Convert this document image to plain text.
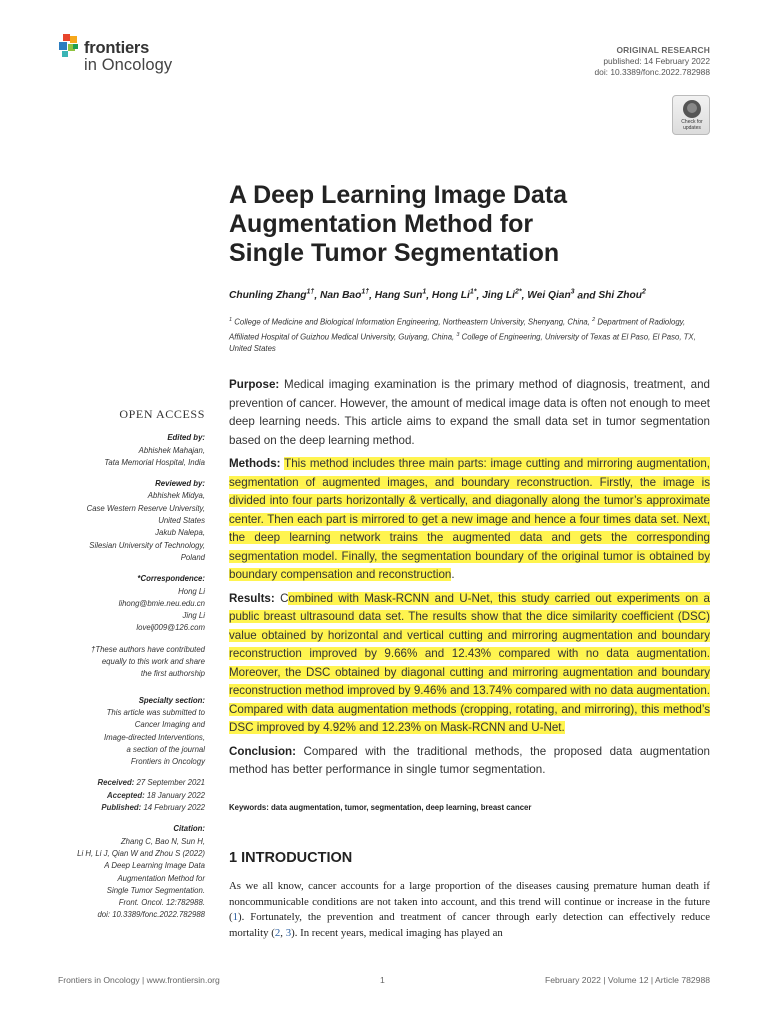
frontiers
in Oncology
ORIGINAL RESEARCH
published: 14 February 2022
doi: 10.3389/fonc.2022.782988
Check for
updates
A Deep Learning Image Data
Augmentation Method for
Single Tumor Segmentation
Chunling Zhang$^{1\dagger}$, Nan Bao$^{1\dagger}$, Hang Sun$^1$, Hong $Li^{1*}$, Jing $Li^{2*}$, Wei Qian$^3$ and Shi Zhou$^2$
$^1$ College of Medicine and Biological Information Engineering, Northeastern University, Shenyang, China, $^2$ Department of Radiology, Affiliated Hospital of Guizhou Medical University, Guiyang, China, $^3$ College of Engineering, University of Texas at El Paso, El Paso, TX, United States

Purpose: Medical imaging examination is the primary method of diagnosis, treatment, and prevention of cancer. However, the amount of medical image data is often not enough to meet deep learning needs. This article aims to expand the small data set in tumor segmentation based on the deep learning method.

Methods: This method includes three main parts: image cutting and mirroring augmentation, segmentation of augmented images, and boundary reconstruction. Firstly, the image is divided into four parts horizontally & vertically, and diagonally along the tumor’s approximate center. Then each part is mirrored to get a new image and hence a four times data set. Next, the deep learning network trains the augmented data and gets the corresponding segmentation model. Finally, the segmentation boundary of the original tumor is obtained by boundary compensation and reconstruction.

Results: Combined with Mask-RCNN and U-Net, this study carried out experiments on a public breast ultrasound data set. The results show that the dice similarity coefficient (DSC) value obtained by horizontal and vertical cutting and mirroring augmentation and boundary reconstruction improved by 9.66% and 12.43% compared with no data augmentation. Moreover, the DSC obtained by diagonal cutting and mirroring augmentation and boundary reconstruction method improved by 9.46% and 13.74% compared with no data augmentation. Compared with data augmentation methods (cropping, rotating, and mirroring), this method’s DSC improved by 4.92% and 12.23% on Mask-RCNN and U-Net.

Conclusion: Compared with the traditional methods, the proposed data augmentation method has better performance in single tumor segmentation.

Keywords: data augmentation, tumor, segmentation, deep learning, breast cancer
1 INTRODUCTION
As we all know, cancer accounts for a large proportion of the diseases causing premature human death if noncommunicable conditions are not taken into account, and this trend will continue or increase in the future (1). Fortunately, the prevention and treatment of cancer through early detection can effectively reduce mortality (2, 3). In recent years, medical imaging has played an
OPEN ACCESS
Edited by:
Abhishek Mahajan,
Tata Memorial Hospital, India
Reviewed by:
Abhishek Midya,
Case Western Reserve University,
United States
Jakub Nalepa,
Silesian University of Technology,
Poland
*Correspondence:
Hong Li
lihong@bmie.neu.edu.cn
Jing Li
lovelj009@126.com
†These authors have contributed
equally to this work and share
the first authorship
Specialty section:
This article was submitted to
Cancer Imaging and
Image-directed Interventions,
a section of the journal
Frontiers in Oncology
Received: 27 September 2021
Accepted: 18 January 2022
Published: 14 February 2022
Citation:
Zhang C, Bao N, Sun H,
Li H, Li J, Qian W and Zhou S (2022)
A Deep Learning Image Data
Augmentation Method for
Single Tumor Segmentation.
Front. Oncol. 12:782988.
doi: 10.3389/fonc.2022.782988
Frontiers in Oncology | www.frontiersin.org	1	February 2022 | Volume 12 | Article 782988
